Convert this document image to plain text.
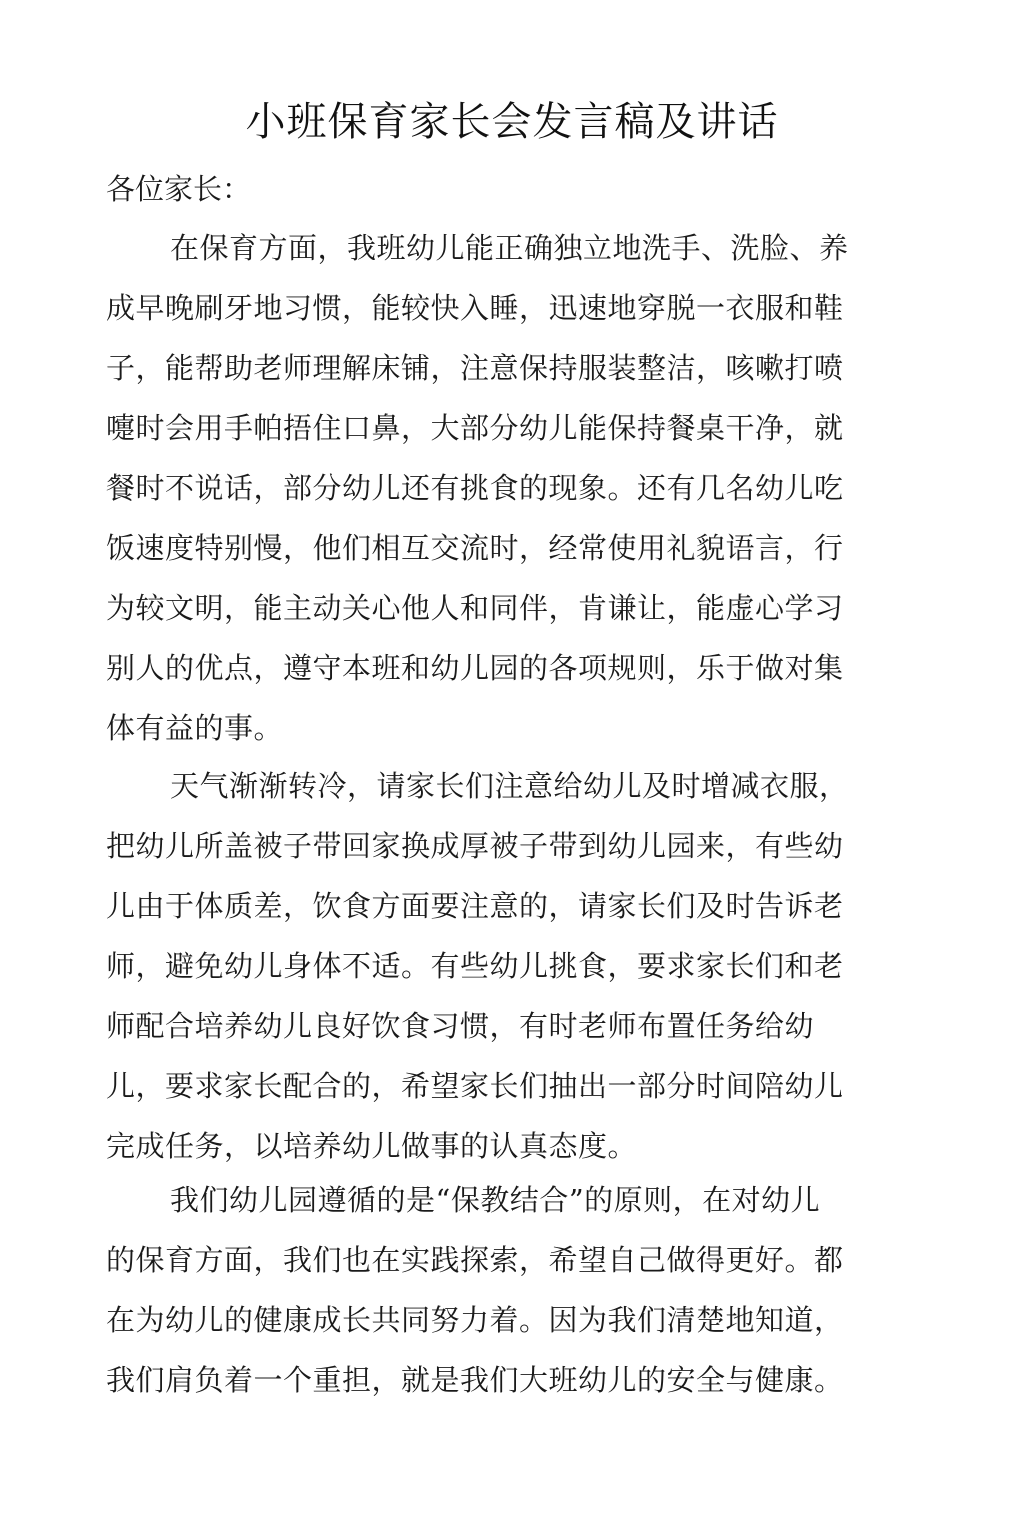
小班保育家长会发言稿及讲话
各位家长：
在保育方面，我班幼儿能正确独立地洗手、洗脸、养
成早晚刷牙地习惯，能较快入睡，迅速地穿脱一衣服和鞋
子，能帮助老师理解床铺，注意保持服装整洁，咳嗽打喷
嚏时会用手帕捂住口鼻，大部分幼儿能保持餐桌干净，就
餐时不说话，部分幼儿还有挑食的现象。还有几名幼儿吃
饭速度特别慢，他们相互交流时，经常使用礼貌语言，行
为较文明，能主动关心他人和同伴，肯谦让，能虚心学习
别人的优点，遵守本班和幼儿园的各项规则，乐于做对集
体有益的事。
天气渐渐转冷，请家长们注意给幼儿及时增减衣服，
把幼儿所盖被子带回家换成厚被子带到幼儿园来，有些幼
儿由于体质差，饮食方面要注意的，请家长们及时告诉老
师，避免幼儿身体不适。有些幼儿挑食，要求家长们和老
师配合培养幼儿良好饮食习惯，有时老师布置任务给幼
儿，要求家长配合的，希望家长们抽出一部分时间陪幼儿
完成任务，以培养幼儿做事的认真态度。
我们幼儿园遵循的是“保教结合”的原则，在对幼儿
的保育方面，我们也在实践探索，希望自己做得更好。都
在为幼儿的健康成长共同努力着。因为我们清楚地知道，
我们肩负着一个重担，就是我们大班幼儿的安全与健康。
